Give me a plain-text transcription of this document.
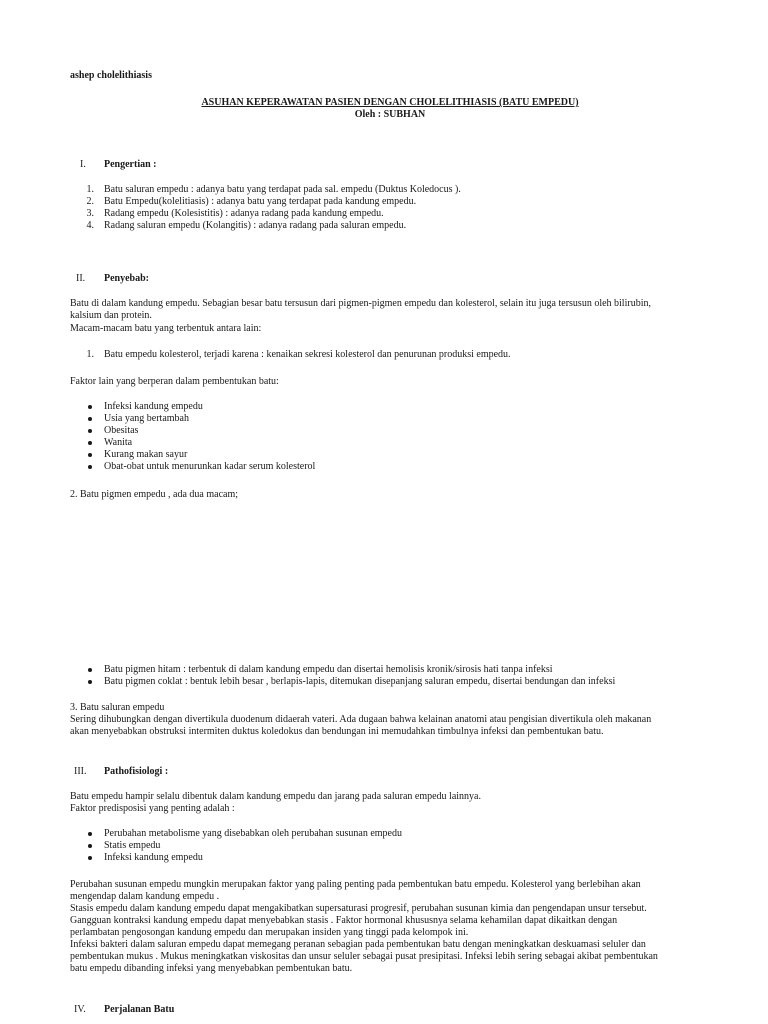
ashep cholelithiasis
ASUHAN KEPERAWATAN PASIEN DENGAN CHOLELITHIASIS (BATU EMPEDU)
Oleh : SUBHAN
I. Pengertian :
1. Batu saluran empedu : adanya batu yang terdapat pada sal. empedu (Duktus Koledocus ).
2. Batu Empedu(kolelitiasis) : adanya batu yang terdapat pada kandung empedu.
3. Radang empedu (Kolesistitis) : adanya radang pada kandung empedu.
4. Radang saluran empedu (Kolangitis) : adanya radang pada saluran empedu.
II. Penyebab:
Batu di dalam kandung empedu. Sebagian besar batu tersusun dari pigmen-pigmen empedu dan kolesterol, selain itu juga tersusun oleh bilirubin,
kalsium dan protein.
Macam-macam batu yang terbentuk antara lain:
1. Batu empedu kolesterol, terjadi karena : kenaikan sekresi kolesterol dan penurunan produksi empedu.
Faktor lain yang berperan dalam pembentukan batu:
Infeksi kandung empedu
Usia yang bertambah
Obesitas
Wanita
Kurang makan sayur
Obat-obat untuk menurunkan kadar serum kolesterol
2. Batu pigmen empedu , ada dua macam;
Batu pigmen hitam : terbentuk di dalam kandung empedu dan disertai hemolisis kronik/sirosis hati tanpa infeksi
Batu pigmen coklat : bentuk lebih besar , berlapis-lapis, ditemukan disepanjang saluran empedu, disertai bendungan dan infeksi
3. Batu saluran empedu
Sering dihubungkan dengan divertikula duodenum didaerah vateri. Ada dugaan bahwa kelainan anatomi atau pengisian divertikula oleh makanan
akan menyebabkan obstruksi intermiten duktus koledokus dan bendungan ini memudahkan timbulnya infeksi dan pembentukan batu.
III. Pathofisiologi :
Batu empedu hampir selalu dibentuk dalam kandung empedu dan jarang pada saluran empedu lainnya.
Faktor predisposisi yang penting adalah :
Perubahan metabolisme yang disebabkan oleh perubahan susunan empedu
Statis empedu
Infeksi kandung empedu
Perubahan susunan empedu mungkin merupakan faktor yang paling penting pada pembentukan batu empedu. Kolesterol yang berlebihan akan
mengendap dalam kandung empedu .
Stasis empedu dalam kandung empedu dapat mengakibatkan supersaturasi progresif, perubahan susunan kimia dan pengendapan unsur tersebut.
Gangguan kontraksi kandung empedu dapat menyebabkan stasis . Faktor hormonal khususnya selama kehamilan dapat dikaitkan dengan
perlambatan pengosongan kandung empedu dan merupakan insiden yang tinggi pada kelompok ini.
Infeksi bakteri dalam saluran empedu dapat memegang peranan sebagian pada pembentukan batu dengan meningkatkan deskuamasi seluler dan
pembentukan mukus . Mukus meningkatkan viskositas dan unsur seluler sebagai pusat presipitasi. Infeksi lebih sering sebagai akibat pembentukan
batu empedu dibanding infeksi yang menyebabkan pembentukan batu.
IV. Perjalanan Batu
